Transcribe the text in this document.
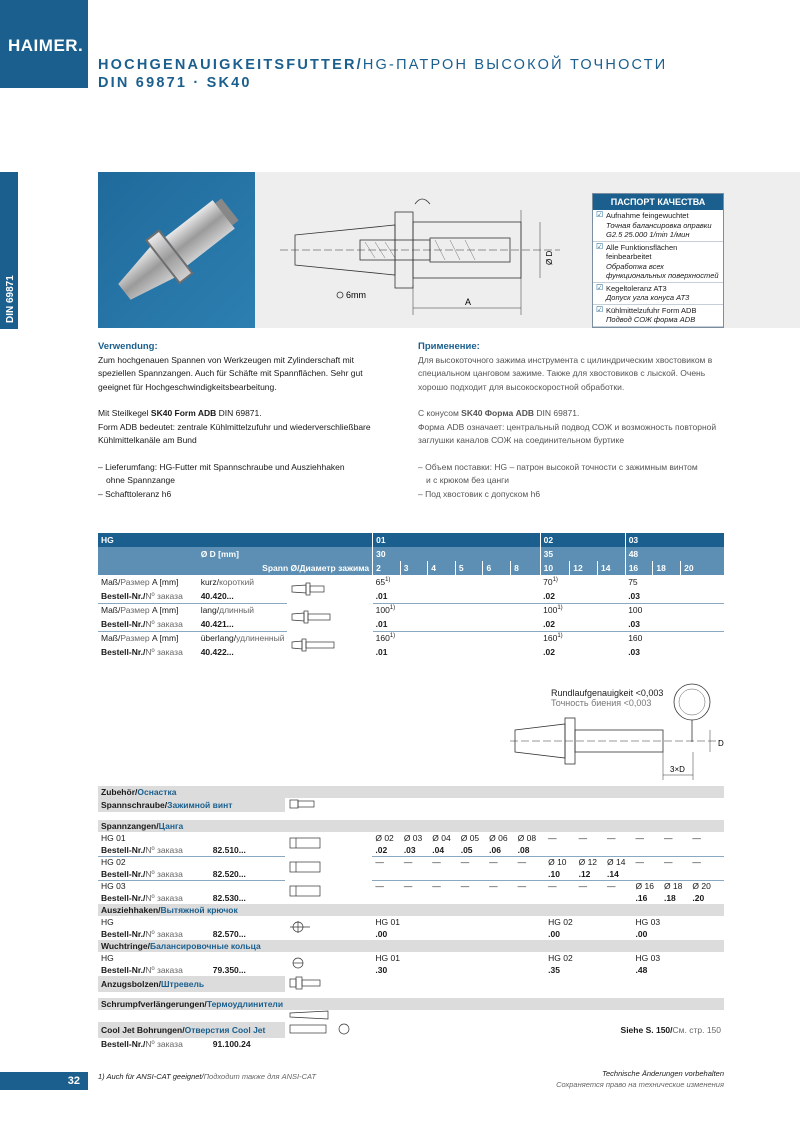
HAIMER.
HOCHGENAUIGKEITSFUTTER/HG-ПАТРОН ВЫСОКОЙ ТОЧНОСТИ
DIN 69871 · SK40
DIN 69871	A
Ø D
6mm
ПАСПОРТ КАЧЕСТВА
☑ Aufnahme feingewuchtet
Точная балансировка оправки G2.5 25.000 1/min 1/мин
☑ Alle Funktionsflächen feinbearbeitet
Обработка всех функциональных поверхностей
☑ Kegeltoleranz AT3
Допуск угла конуса AT3
☑ Kühlmittelzufuhr Form ADB
Подвод СОЖ форма ADB
Verwendung:
Zum hochgenauen Spannen von Werkzeugen mit Zylinderschaft mit speziellen Spannzangen. Auch für Schäfte mit Spannflächen. Sehr gut geeignet für Hochgeschwindigkeitsbearbeitung.
Mit Steilkegel SK40 Form ADB DIN 69871.
Form ADB bedeutet: zentrale Kühlmittelzufuhr und wiederverschließbare Kühlmittelkanäle am Bund
– Lieferumfang: HG-Futter mit Spannschraube und Ausziehhaken
ohne Spannzange
– Schafttoleranz h6
Применение:
Для высокоточного зажима инструмента с цилиндрическим хвостовиком в специальном цанговом зажиме. Также для хвостовиков с лыской. Очень хорошо подходит для высокоскоростной обработки.
С конусом SK40 Форма ADB DIN 69871.
Форма ADB означает: центральный подвод СОЖ и возможность повторной заглушки каналов СОЖ на соединительном буртике
– Объем поставки: HG – патрон высокой точности с зажимным винтом
и с крюком без цанги
– Под хвостовик с допуском h6
HG			01						02			03		
	Ø D [mm]		30						35			48		
	Spann Ø/Диаметр зажима		2	3	4	5	6	8	10	12	14	16	18	20
Maß/Размер A [mm]	kurz/короткий		65$^{1)}$						70$^{1)}$			75		
Bestell-Nr./Nº заказа	40.420...		.01						.02			.03		
Maß/Размер A [mm]	lang/длинный		100$^{1)}$						100$^{1)}$			100		
Bestell-Nr./Nº заказа	40.421...		.01						.02			.03		
Maß/Размер A [mm]	überlang/удлиненный		160$^{1)}$						160$^{1)}$			160		
Bestell-Nr./Nº заказа	40.422...		.01						.02			.03		
Rundlaufgenauigkeit <0,003
Точность биения <0,003
3×D
D
Zubehör/Оснастка														
Spannschraube/Зажимной винт		

Spannzangen/Цанга														
HG 01			Ø 02	Ø 03	Ø 04	Ø 05	Ø 06	Ø 08	—	—	—	—	—	—
Bestell-Nr./Nº заказа	82.510...		.02	.03	.04	.05	.06	.08						
HG 02			—	—	—	—	—	—	Ø 10	Ø 12	Ø 14	—	—	—
Bestell-Nr./Nº заказа	82.520...								.10	.12	.14			
HG 03			—	—	—	—	—	—	—	—	—	Ø 16	Ø 18	Ø 20
Bestell-Nr./Nº заказа	82.530...											.16	.18	.20
Ausziehhaken/Вытяжной крючок														
HG			HG 01						HG 02			HG 03		
Bestell-Nr./Nº заказа	82.570...		.00						.00			.00		
Wuchtringe/Балансировочные кольца														
HG			HG 01						HG 02			HG 03		
Bestell-Nr./Nº заказа	79.350...		.30						.35			.48		
Anzugsbolzen/Штревель		

Schrumpfverlängerungen/Термоудлинители														

Cool Jet Bohrungen/Отверстия Cool Jet			Siehe S. 150/См. стр. 150											
Bestell-Nr./Nº заказа	91.100.24													
32	1) Auch für ANSI-CAT geeignet/Подходит также для ANSI-CAT	Technische Änderungen vorbehalten
Сохраняется право на технические изменения
